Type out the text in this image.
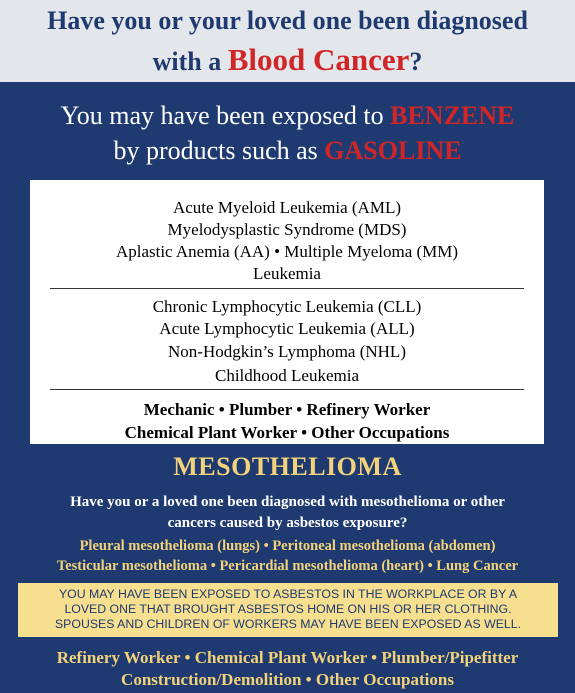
Have you or your loved one been diagnosed
with a Blood Cancer?
You may have been exposed to BENZENE
by products such as GASOLINE
Acute Myeloid Leukemia (AML)
Myelodysplastic Syndrome (MDS)
Aplastic Anemia (AA) • Multiple Myeloma (MM)
Leukemia
Chronic Lymphocytic Leukemia (CLL)
Acute Lymphocytic Leukemia (ALL)
Non-Hodgkin’s Lymphoma (NHL)
Childhood Leukemia
Mechanic • Plumber • Refinery Worker
Chemical Plant Worker • Other Occupations
MESOTHELIOMA
Have you or a loved one been diagnosed with mesothelioma or other
cancers caused by asbestos exposure?
Pleural mesothelioma (lungs) • Peritoneal mesothelioma (abdomen)
Testicular mesothelioma • Pericardial mesothelioma (heart) • Lung Cancer
YOU MAY HAVE BEEN EXPOSED TO ASBESTOS IN THE WORKPLACE OR BY A
LOVED ONE THAT BROUGHT ASBESTOS HOME ON HIS OR HER CLOTHING.
SPOUSES AND CHILDREN OF WORKERS MAY HAVE BEEN EXPOSED AS WELL.
Refinery Worker • Chemical Plant Worker • Plumber/Pipefitter
Construction/Demolition • Other Occupations
